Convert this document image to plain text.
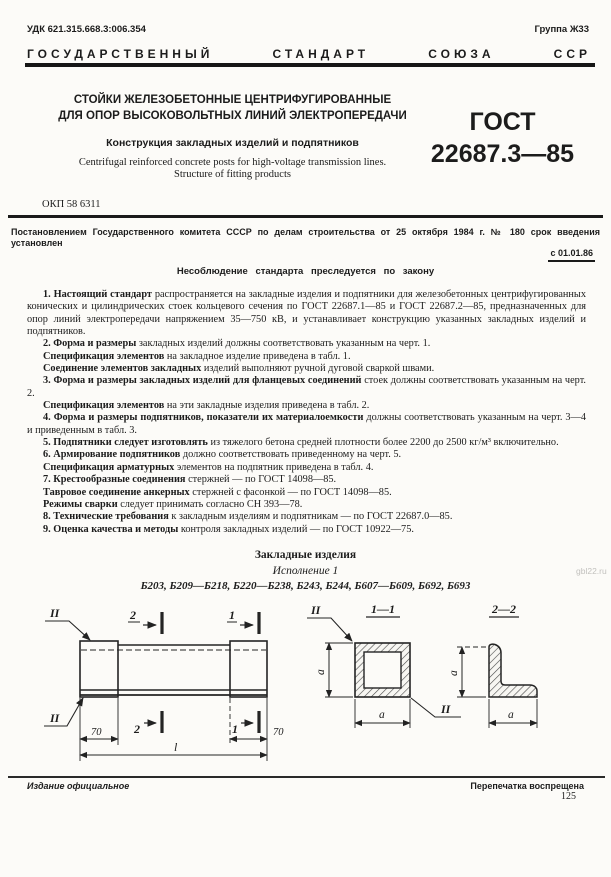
УДК 621.315.668.3:006.354	Группа Ж33
ГОСУДАРСТВЕННЫЙ СТАНДАРТ СОЮЗА ССР
СТОЙКИ ЖЕЛЕЗОБЕТОННЫЕ ЦЕНТРИФУГИРОВАННЫЕ
ДЛЯ ОПОР ВЫСОКОВОЛЬТНЫХ ЛИНИЙ ЭЛЕКТРОПЕРЕДАЧИ
Конструкция закладных изделий и подпятников
Centrifugal reinforced concrete posts for high-voltage transmission lines.
Structure of fitting products
ГОСТ
22687.3—85
ОКП 58 6311
Постановлением Государственного комитета СССР по делам строительства от 25 октября 1984 г. № 180 срок введения установлен
с 01.01.86
Несоблюдение стандарта преследуется по закону

1. Настоящий стандарт распространяется на закладные изделия и подпятники для железобетонных центрифугированных конических и цилиндрических стоек кольцевого сечения по ГОСТ 22687.1—85 и ГОСТ 22687.2—85, предназначенных для опор линий электропередачи напряжением 35—750 кВ, и устанавливает конструкцию указанных закладных изделий и подпятников.

2. Форма и размеры закладных изделий должны соответствовать указанным на черт. 1.

Спецификация элементов на закладное изделие приведена в табл. 1.

Соединение элементов закладных изделий выполняют ручной дуговой сваркой швами.

3. Форма и размеры закладных изделий для фланцевых соединений стоек должны соответствовать указанным на черт. 2.

Спецификация элементов на эти закладные изделия приведена в табл. 2.

4. Форма и размеры подпятников, показатели их материалоемкости должны соответствовать указанным на черт. 3—4 и приведенным в табл. 3.

5. Подпятники следует изготовлять из тяжелого бетона средней плотности более 2200 до 2500 кг/м³ включительно.

6. Армирование подпятников должно соответствовать приведенному на черт. 5.

Спецификация арматурных элементов на подпятник приведена в табл. 4.

7. Крестообразные соединения стержней — по ГОСТ 14098—85.

Тавровое соединение анкерных стержней с фасонкой — по ГОСТ 14098—85.

Режимы сварки следует принимать согласно СН 393—78.

8. Технические требования к закладным изделиям и подпятникам — по ГОСТ 22687.0—85.

9. Оценка качества и методы контроля закладных изделий — по ГОСТ 10922—75.

Закладные изделия
Исполнение 1
Б203, Б209—Б218, Б220—Б238, Б243, Б244, Б607—Б609, Б692, Б693
II
II
2	1
2	1
70	70
l
1—1	2—2
II
II
a
a
a
a
Издание официальное	Перепечатка воспрещена
125
gbl22.ru
